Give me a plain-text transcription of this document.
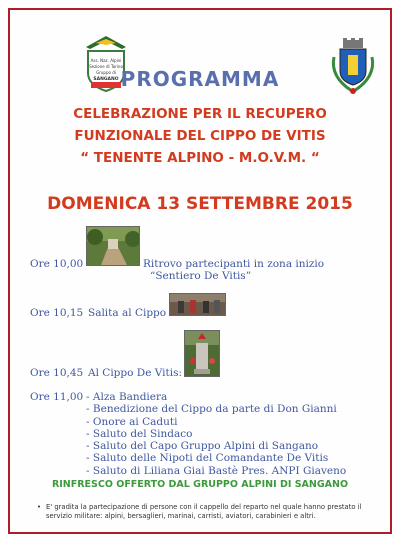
Ass. Naz. Alpini
Sezione di Torino
Gruppo di
SANGANO PROGRAMMA
CELEBRAZIONE PER IL RECUPERO
FUNZIONALE DEL CIPPO DE VITIS
“ TENENTE ALPINO - M.O.V.M. “
DOMENICA 13 SETTEMBRE 2015
Ore 10,00	Ritrovo partecipanti in zona inizio
“Sentiero De Vitis”
Ore 10,15 Salita al Cippo
Ore 10,45 Al Cippo De Vitis:
Ore 11,00 - Alza Bandiera
- Benedizione del Cippo da parte di Don Gianni
- Onore ai Caduti
- Saluto del Sindaco
- Saluto del Capo Gruppo Alpini di Sangano
- Saluto delle Nipoti del Comandante De Vitis
- Saluto di Liliana Giai Bastè Pres. ANPI Giaveno
RINFRESCO OFFERTO DAL GRUPPO ALPINI DI SANGANO
• E' gradita la partecipazione di persone con il cappello del reparto nel quale hanno prestato il servizio militare: alpini, bersaglieri, marinai, carristi, aviatori, carabinieri e altri.
